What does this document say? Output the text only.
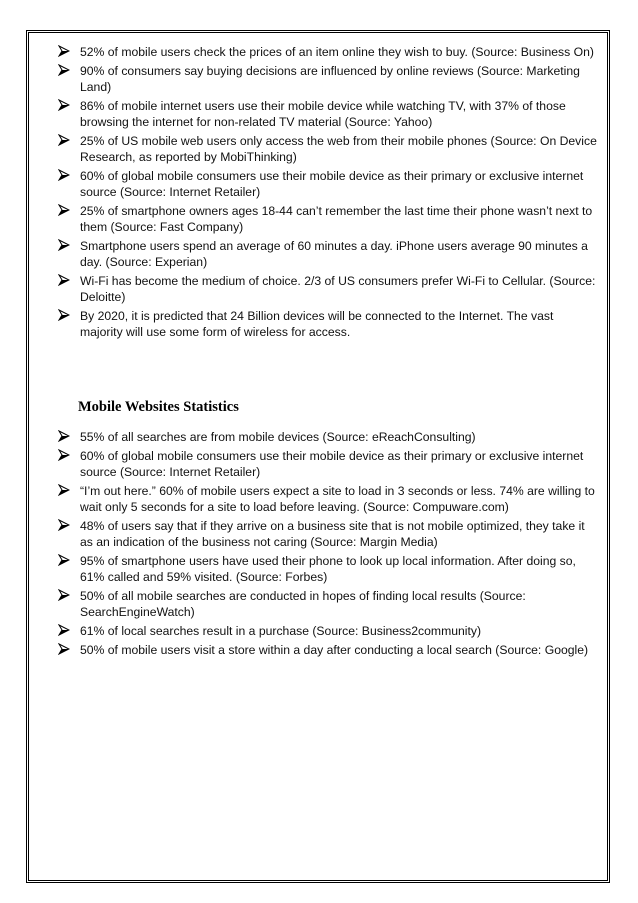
52% of mobile users check the prices of an item online they wish to buy. (Source: Business On)
90% of consumers say buying decisions are influenced by online reviews (Source: Marketing Land)
86% of mobile internet users use their mobile device while watching TV, with 37% of those browsing the internet for non-related TV material (Source: Yahoo)
25% of US mobile web users only access the web from their mobile phones (Source: On Device Research, as reported by MobiThinking)
60% of global mobile consumers use their mobile device as their primary or exclusive internet source (Source: Internet Retailer)
25% of smartphone owners ages 18-44 can’t remember the last time their phone wasn’t next to them (Source: Fast Company)
Smartphone users spend an average of 60 minutes a day. iPhone users average 90 minutes a day. (Source: Experian)
Wi-Fi has become the medium of choice. 2/3 of US consumers prefer Wi-Fi to Cellular. (Source: Deloitte)
By 2020, it is predicted that 24 Billion devices will be connected to the Internet. The vast majority will use some form of wireless for access.
Mobile Websites Statistics
55% of all searches are from mobile devices (Source: eReachConsulting)
60% of global mobile consumers use their mobile device as their primary or exclusive internet source (Source: Internet Retailer)
“I’m out here.” 60% of mobile users expect a site to load in 3 seconds or less. 74% are willing to wait only 5 seconds for a site to load before leaving. (Source: Compuware.com)
48% of users say that if they arrive on a business site that is not mobile optimized, they take it as an indication of the business not caring (Source: Margin Media)
95% of smartphone users have used their phone to look up local information. After doing so, 61% called and 59% visited. (Source: Forbes)
50% of all mobile searches are conducted in hopes of finding local results (Source: SearchEngineWatch)
61% of local searches result in a purchase (Source: Business2community)
50% of mobile users visit a store within a day after conducting a local search (Source: Google)
